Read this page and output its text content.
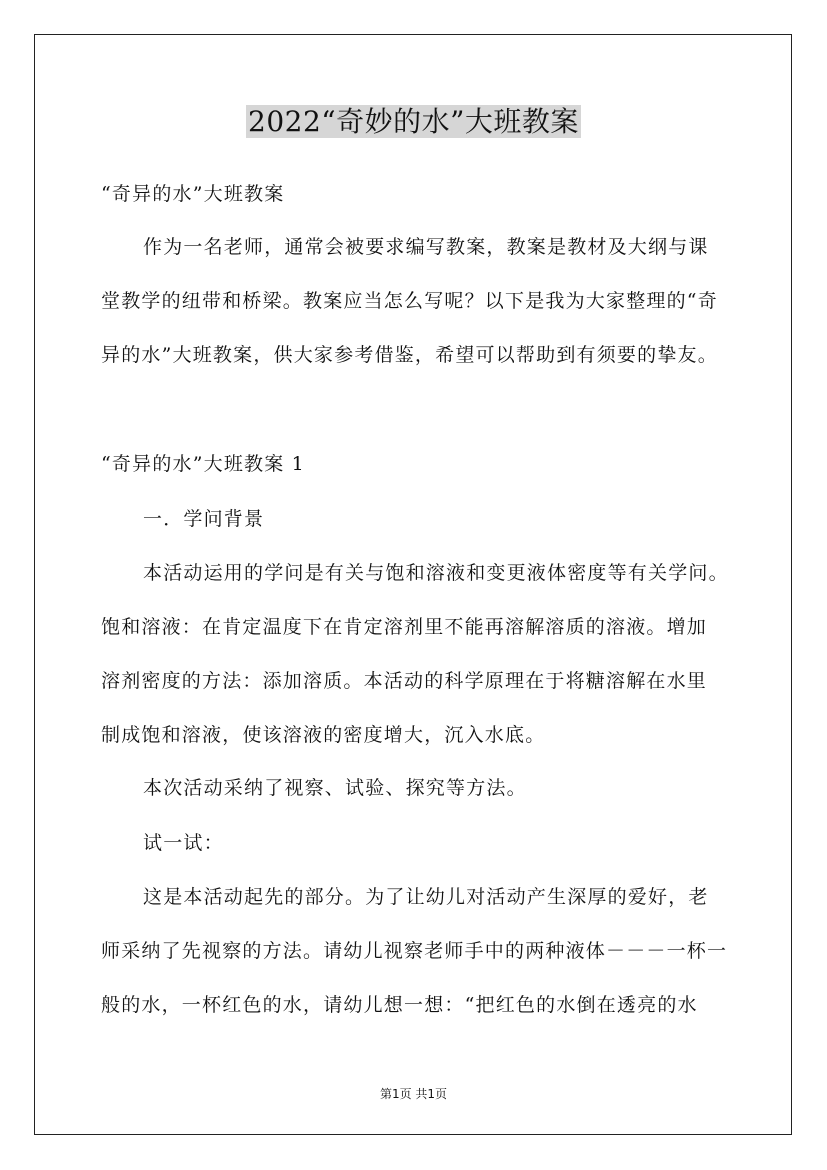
2022“奇妙的水”大班教案
“奇异的水”大班教案
作为一名老师，通常会被要求编写教案，教案是教材及大纲与课
堂教学的纽带和桥梁。教案应当怎么写呢？以下是我为大家整理的“奇
异的水”大班教案，供大家参考借鉴，希望可以帮助到有须要的挚友。
“奇异的水”大班教案 1
一．学问背景
本活动运用的学问是有关与饱和溶液和变更液体密度等有关学问。
饱和溶液：在肯定温度下在肯定溶剂里不能再溶解溶质的溶液。增加
溶剂密度的方法：添加溶质。本活动的科学原理在于将糖溶解在水里
制成饱和溶液，使该溶液的密度增大，沉入水底。
本次活动采纳了视察、试验、探究等方法。
试一试：
这是本活动起先的部分。为了让幼儿对活动产生深厚的爱好，老
师采纳了先视察的方法。请幼儿视察老师手中的两种液体－－－一杯一
般的水，一杯红色的水，请幼儿想一想：“把红色的水倒在透亮的水
第1页 共1页
